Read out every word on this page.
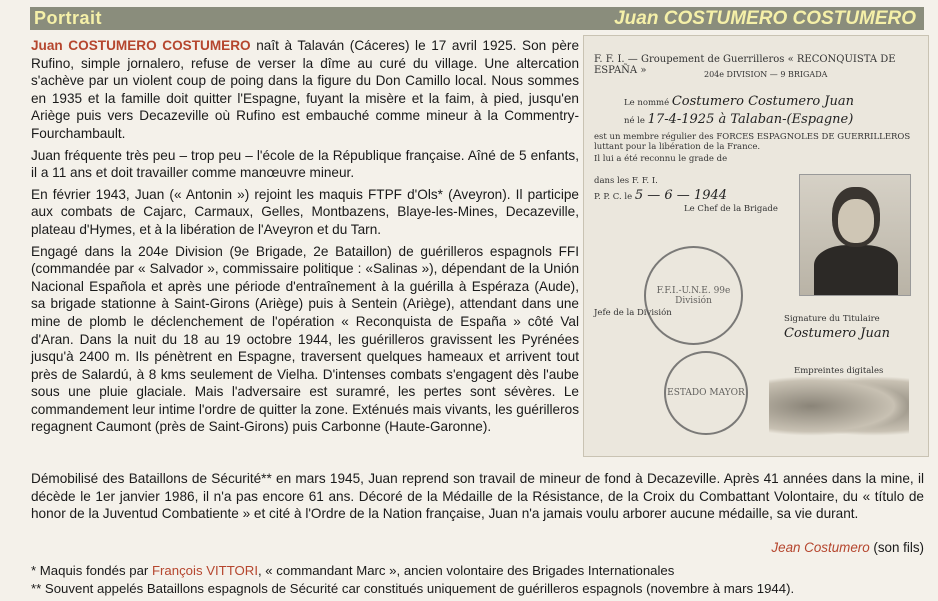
Portrait	Juan COSTUMERO COSTUMERO

Juan COSTUMERO COSTUMERO naît à Talaván (Cáceres) le 17 avril 1925. Son père Rufino, simple jornalero, refuse de verser la dîme au curé du village. Une altercation s'achève par un violent coup de poing dans la figure du Don Camillo local. Nous sommes en 1935 et la famille doit quitter l'Espagne, fuyant la misère et la faim, à pied, jusqu'en Ariège puis vers Decazeville où Rufino est embauché comme mineur à la Commentry-Fourchambault.

Juan fréquente très peu – trop peu – l'école de la République française. Aîné de 5 enfants, il a 11 ans et doit travailler comme manœuvre mineur.

En février 1943, Juan (« Antonin ») rejoint les maquis FTPF d'Ols* (Aveyron). Il participe aux combats de Cajarc, Carmaux, Gelles, Montbazens, Blaye-les-Mines, Decazeville, plateau d'Hymes, et à la libération de l'Aveyron et du Tarn.

Engagé dans la 204e Division (9e Brigade, 2e Bataillon) de guérilleros espagnols FFI (commandée par « Salvador », commissaire politique : «Salinas »), dépendant de la Unión Nacional Española et après une période d'entraînement à la guérilla à Espéraza (Aude), sa brigade stationne à Saint-Girons (Ariège) puis à Sentein (Ariège), attendant dans une mine de plomb le déclenchement de l'opération « Reconquista de España » côté Val d'Aran. Dans la nuit du 18 au 19 octobre 1944, les guérilleros gravissent les Pyrénées jusqu'à 2400 m. Ils pénètrent en Espagne, traversent quelques hameaux et arrivent tout près de Salardú, à 8 kms seulement de Vielha. D'intenses combats s'engagent dès l'aube sous une pluie glaciale. Mais l'adversaire est suramré, les pertes sont sévères. Le commandement leur intime l'ordre de quitter la zone. Exténués mais vivants, les guérilleros regagnent Caumont (près de Saint-Girons) puis Carbonne (Haute-Garonne).

F. F. I. — Groupement de Guerrilleros « RECONQUISTA DE ESPAÑA »	204e DIVISION — 9 BRIGADA
Le nommé Costumero Costumero Juan
né le 17-4-1925 à Talaban-(Espagne)
est un membre régulier des FORCES ESPAGNOLES DE GUERRILLEROS luttant pour la libération de la France.
Il lui a été reconnu le grade de
dans les F. F. I.
P. P. C. le 5 — 6 — 1944
Le Chef de la Brigade
Jefe de la División
Signature du Titulaire
Costumero Juan
F.F.I.-U.N.E. 99e División
ESTADO MAYOR
Empreintes digitales
Démobilisé des Bataillons de Sécurité** en mars 1945, Juan reprend son travail de mineur de fond à Decazeville. Après 41 années dans la mine, il décède le 1er janvier 1986, il n'a pas encore 61 ans. Décoré de la Médaille de la Résistance, de la Croix du Combattant Volontaire, du « título de honor de la Juventud Combatiente » et cité à l'Ordre de la Nation française, Juan n'a jamais voulu arborer aucune médaille, sa vie durant.
Jean Costumero (son fils)
* Maquis fondés par François VITTORI, « commandant Marc », ancien volontaire des Brigades Internationales
** Souvent appelés Bataillons espagnols de Sécurité car constitués uniquement de guérilleros espagnols (novembre à mars 1944).
